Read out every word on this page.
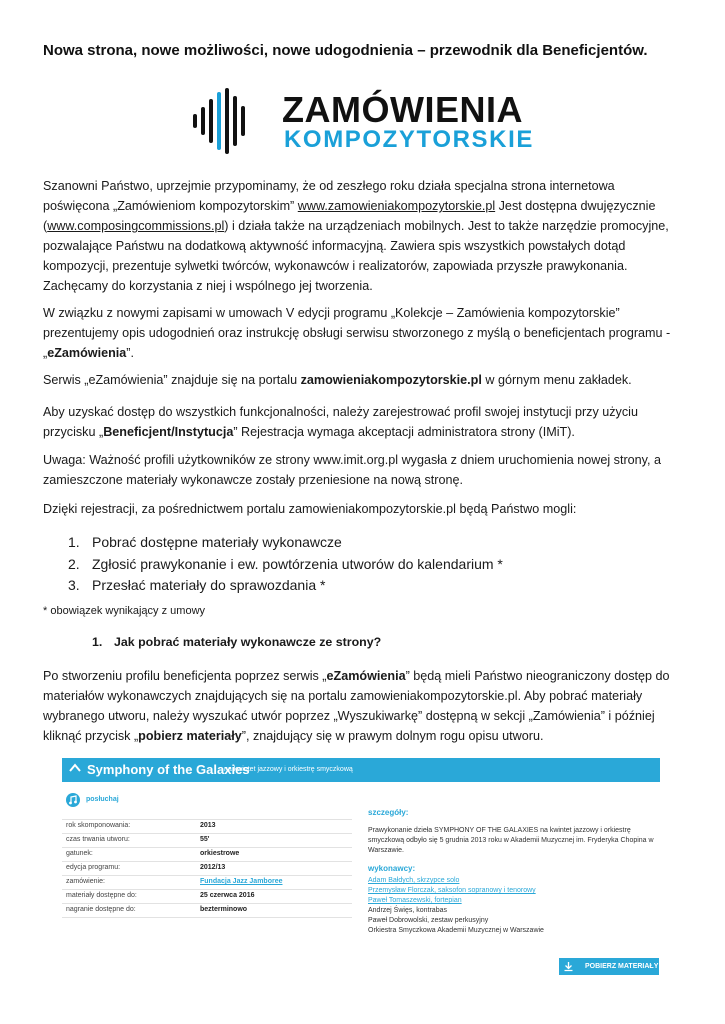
Nowa strona, nowe możliwości, nowe udogodnienia – przewodnik dla Beneficjentów.
ZAMÓWIENIA
KOMPOZYTORSKIE
Szanowni Państwo, uprzejmie przypominamy, że od zeszłego roku działa specjalna strona internetowa poświęcona „Zamówieniom kompozytorskim” www.zamowieniakompozytorskie.pl Jest dostępna dwujęzycznie (www.composingcommissions.pl) i działa także na urządzeniach mobilnych. Jest to także narzędzie promocyjne, pozwalające Państwu na dodatkową aktywność informacyjną. Zawiera spis wszystkich powstałych dotąd kompozycji, prezentuje sylwetki twórców, wykonawców i realizatorów, zapowiada przyszłe prawykonania. Zachęcamy do korzystania z niej i wspólnego jej tworzenia.
W związku z nowymi zapisami w umowach V edycji programu „Kolekcje – Zamówienia kompozytorskie” prezentujemy opis udogodnień oraz instrukcję obsługi serwisu stworzonego z myślą o beneficjentach programu - „eZamówienia”.
Serwis „eZamówienia” znajduje się na portalu zamowieniakompozytorskie.pl w górnym menu zakładek.
Aby uzyskać dostęp do wszystkich funkcjonalności, należy zarejestrować profil swojej instytucji przy użyciu przycisku „Beneficjent/Instytucja” Rejestracja wymaga akceptacji administratora strony (IMiT).
Uwaga: Ważność profili użytkowników ze strony www.imit.org.pl wygasła z dniem uruchomienia nowej strony, a zamieszczone materiały wykonawcze zostały przeniesione na nową stronę.
Dzięki rejestracji, za pośrednictwem portalu zamowieniakompozytorskie.pl będą Państwo mogli:
1. Pobrać dostępne materiały wykonawcze
2. Zgłosić prawykonanie i ew. powtórzenia utworów do kalendarium *
3. Przesłać materiały do sprawozdania *
* obowiązek wynikający z umowy
1. Jak pobrać materiały wykonawcze ze strony?
Po stworzeniu profilu beneficjenta poprzez serwis „eZamówienia” będą mieli Państwo nieograniczony dostęp do materiałów wykonawczych znajdujących się na portalu zamowieniakompozytorskie.pl. Aby pobrać materiały wybranego utworu, należy wyszukać utwór poprzez „Wyszukiwarkę” dostępną w sekcji „Zamówienia” i później kliknąć przycisk „pobierz materiały”, znajdujący się w prawym dolnym rogu opisu utworu.
Symphony of the Galaxies
na kwintet jazzowy i orkiestrę smyczkową
posłuchaj
rok skomponowania:	2013
czas trwania utworu:	55'
gatunek:	orkiestrowe
edycja programu:	2012/13
zamówienie:	Fundacja Jazz Jamboree
materiały dostępne do:	25 czerwca 2016
nagranie dostępne do:	bezterminowo
szczegóły:
Prawykonanie dzieła SYMPHONY OF THE GALAXIES na kwintet jazzowy i orkiestrę smyczkową odbyło się 5 grudnia 2013 roku w Akademii Muzycznej im. Fryderyka Chopina w Warszawie.
wykonawcy:
Adam Bałdych, skrzypce solo
Przemysław Florczak, saksofon sopranowy i tenorowy
Paweł Tomaszewski, fortepian
Andrzej Święs, kontrabas
Paweł Dobrowolski, zestaw perkusyjny
Orkiestra Smyczkowa Akademii Muzycznej w Warszawie
POBIERZ MATERIAŁY
